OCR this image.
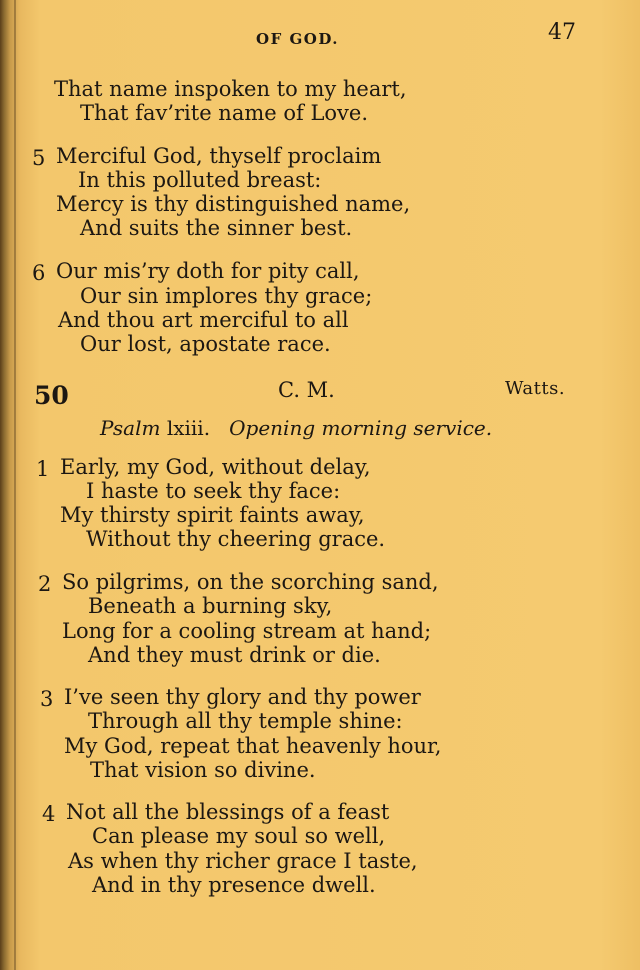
OF GOD.	47
That name inspoken to my heart,
That fav’rite name of Love.
5 Merciful God, thyself proclaim
In this polluted breast:
Mercy is thy distinguished name,
And suits the sinner best.
6 Our mis’ry doth for pity call,
Our sin implores thy grace;
And thou art merciful to all
Our lost, apostate race.
50	C. M.	Watts.
Psalm lxiii. Opening morning service.
1 Early, my God, without delay,
I haste to seek thy face:
My thirsty spirit faints away,
Without thy cheering grace.
2 So pilgrims, on the scorching sand,
Beneath a burning sky,
Long for a cooling stream at hand;
And they must drink or die.
3 I’ve seen thy glory and thy power
Through all thy temple shine:
My God, repeat that heavenly hour,
That vision so divine.
4 Not all the blessings of a feast
Can please my soul so well,
As when thy richer grace I taste,
And in thy presence dwell.
